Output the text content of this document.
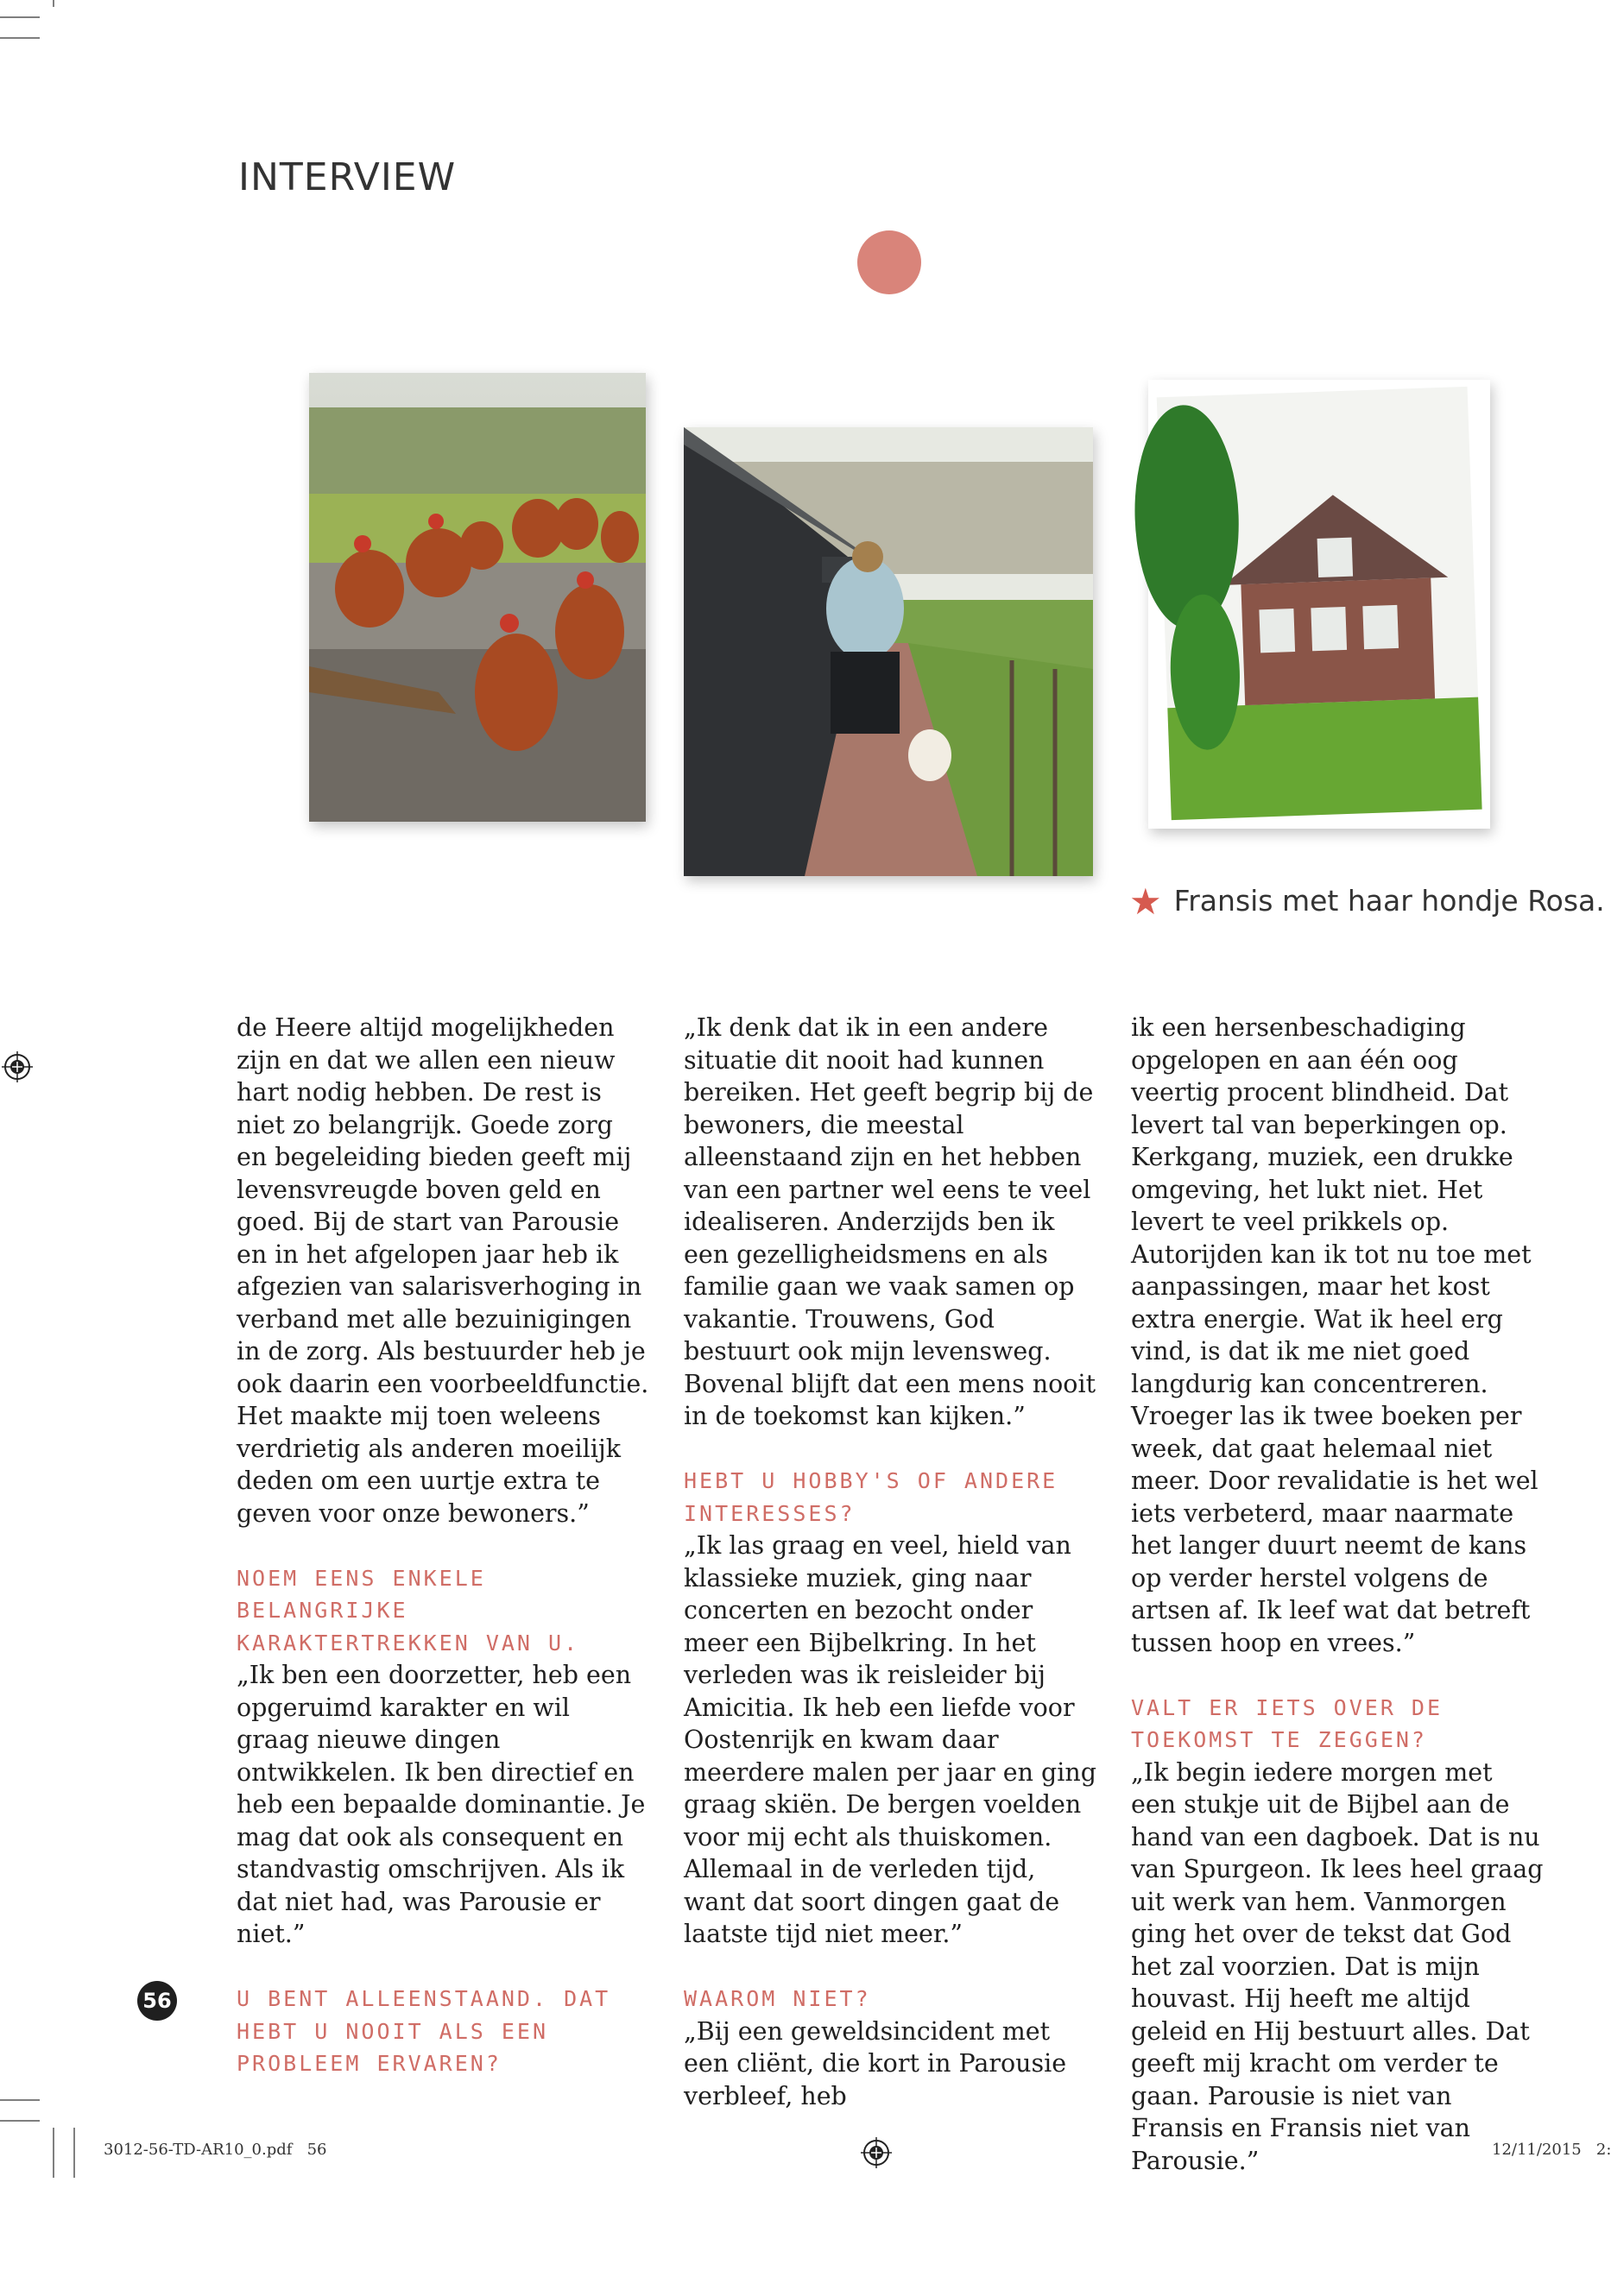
INTERVIEW
★ Fransis met haar hondje Rosa.

de Heere altijd mogelijkheden zijn en dat we allen een nieuw hart nodig hebben. De rest is niet zo belangrijk. Goede zorg en begeleiding bieden geeft mij levensvreugde boven geld en goed. Bij de start van Parousie en in het afgelopen jaar heb ik afgezien van salarisverhoging in verband met alle bezuinigingen in de zorg. Als bestuurder heb je ook daarin een voorbeeldfunctie. Het maakte mij toen weleens verdrietig als anderen moeilijk deden om een uurtje extra te geven voor onze bewoners.”

NOEM EENS ENKELE BELANGRIJKE KARAKTERTREKKEN VAN U.

„Ik ben een doorzetter, heb een opgeruimd karakter en wil graag nieuwe dingen ontwikkelen. Ik ben directief en heb een bepaalde dominantie. Je mag dat ook als consequent en standvastig omschrijven. Als ik dat niet had, was Parousie er niet.”

U BENT ALLEENSTAAND. DAT HEBT U NOOIT ALS EEN PROBLEEM ERVAREN?

„Ik denk dat ik in een andere situatie dit nooit had kunnen bereiken. Het geeft begrip bij de bewoners, die meestal alleenstaand zijn en het hebben van een partner wel eens te veel idealiseren. Anderzijds ben ik een gezelligheidsmens en als familie gaan we vaak samen op vakantie. Trouwens, God bestuurt ook mijn levensweg. Bovenal blijft dat een mens nooit in de toekomst kan kijken.”

HEBT U HOBBY'S OF ANDERE INTERESSES?

„Ik las graag en veel, hield van klassieke muziek, ging naar concerten en bezocht onder meer een Bijbelkring. In het verleden was ik reisleider bij Amicitia. Ik heb een liefde voor Oostenrijk en kwam daar meerdere malen per jaar en ging graag skiën. De bergen voelden voor mij echt als thuiskomen. Allemaal in de verleden tijd, want dat soort dingen gaat de laatste tijd niet meer.”

WAAROM NIET?

„Bij een geweldsincident met een cliënt, die kort in Parousie verbleef, heb

ik een hersenbeschadiging opgelopen en aan één oog veertig procent blindheid. Dat levert tal van beperkingen op. Kerkgang, muziek, een drukke omgeving, het lukt niet. Het levert te veel prikkels op. Autorijden kan ik tot nu toe met aanpassingen, maar het kost extra energie. Wat ik heel erg vind, is dat ik me niet goed langdurig kan concentreren. Vroeger las ik twee boeken per week, dat gaat helemaal niet meer. Door revalidatie is het wel iets verbeterd, maar naarmate het langer duurt neemt de kans op verder herstel volgens de artsen af. Ik leef wat dat betreft tussen hoop en vrees.”

VALT ER IETS OVER DE TOEKOMST TE ZEGGEN?

„Ik begin iedere morgen met een stukje uit de Bijbel aan de hand van een dagboek. Dat is nu van Spurgeon. Ik lees heel graag uit werk van hem. Vanmorgen ging het over de tekst dat God het zal voorzien. Dat is mijn houvast. Hij heeft me altijd geleid en Hij bestuurt alles. Dat geeft mij kracht om verder te gaan. Parousie is niet van Fransis en Fransis niet van Parousie.”

56
3012-56-TD-AR10_0.pdf   56	12/11/2015   2:
